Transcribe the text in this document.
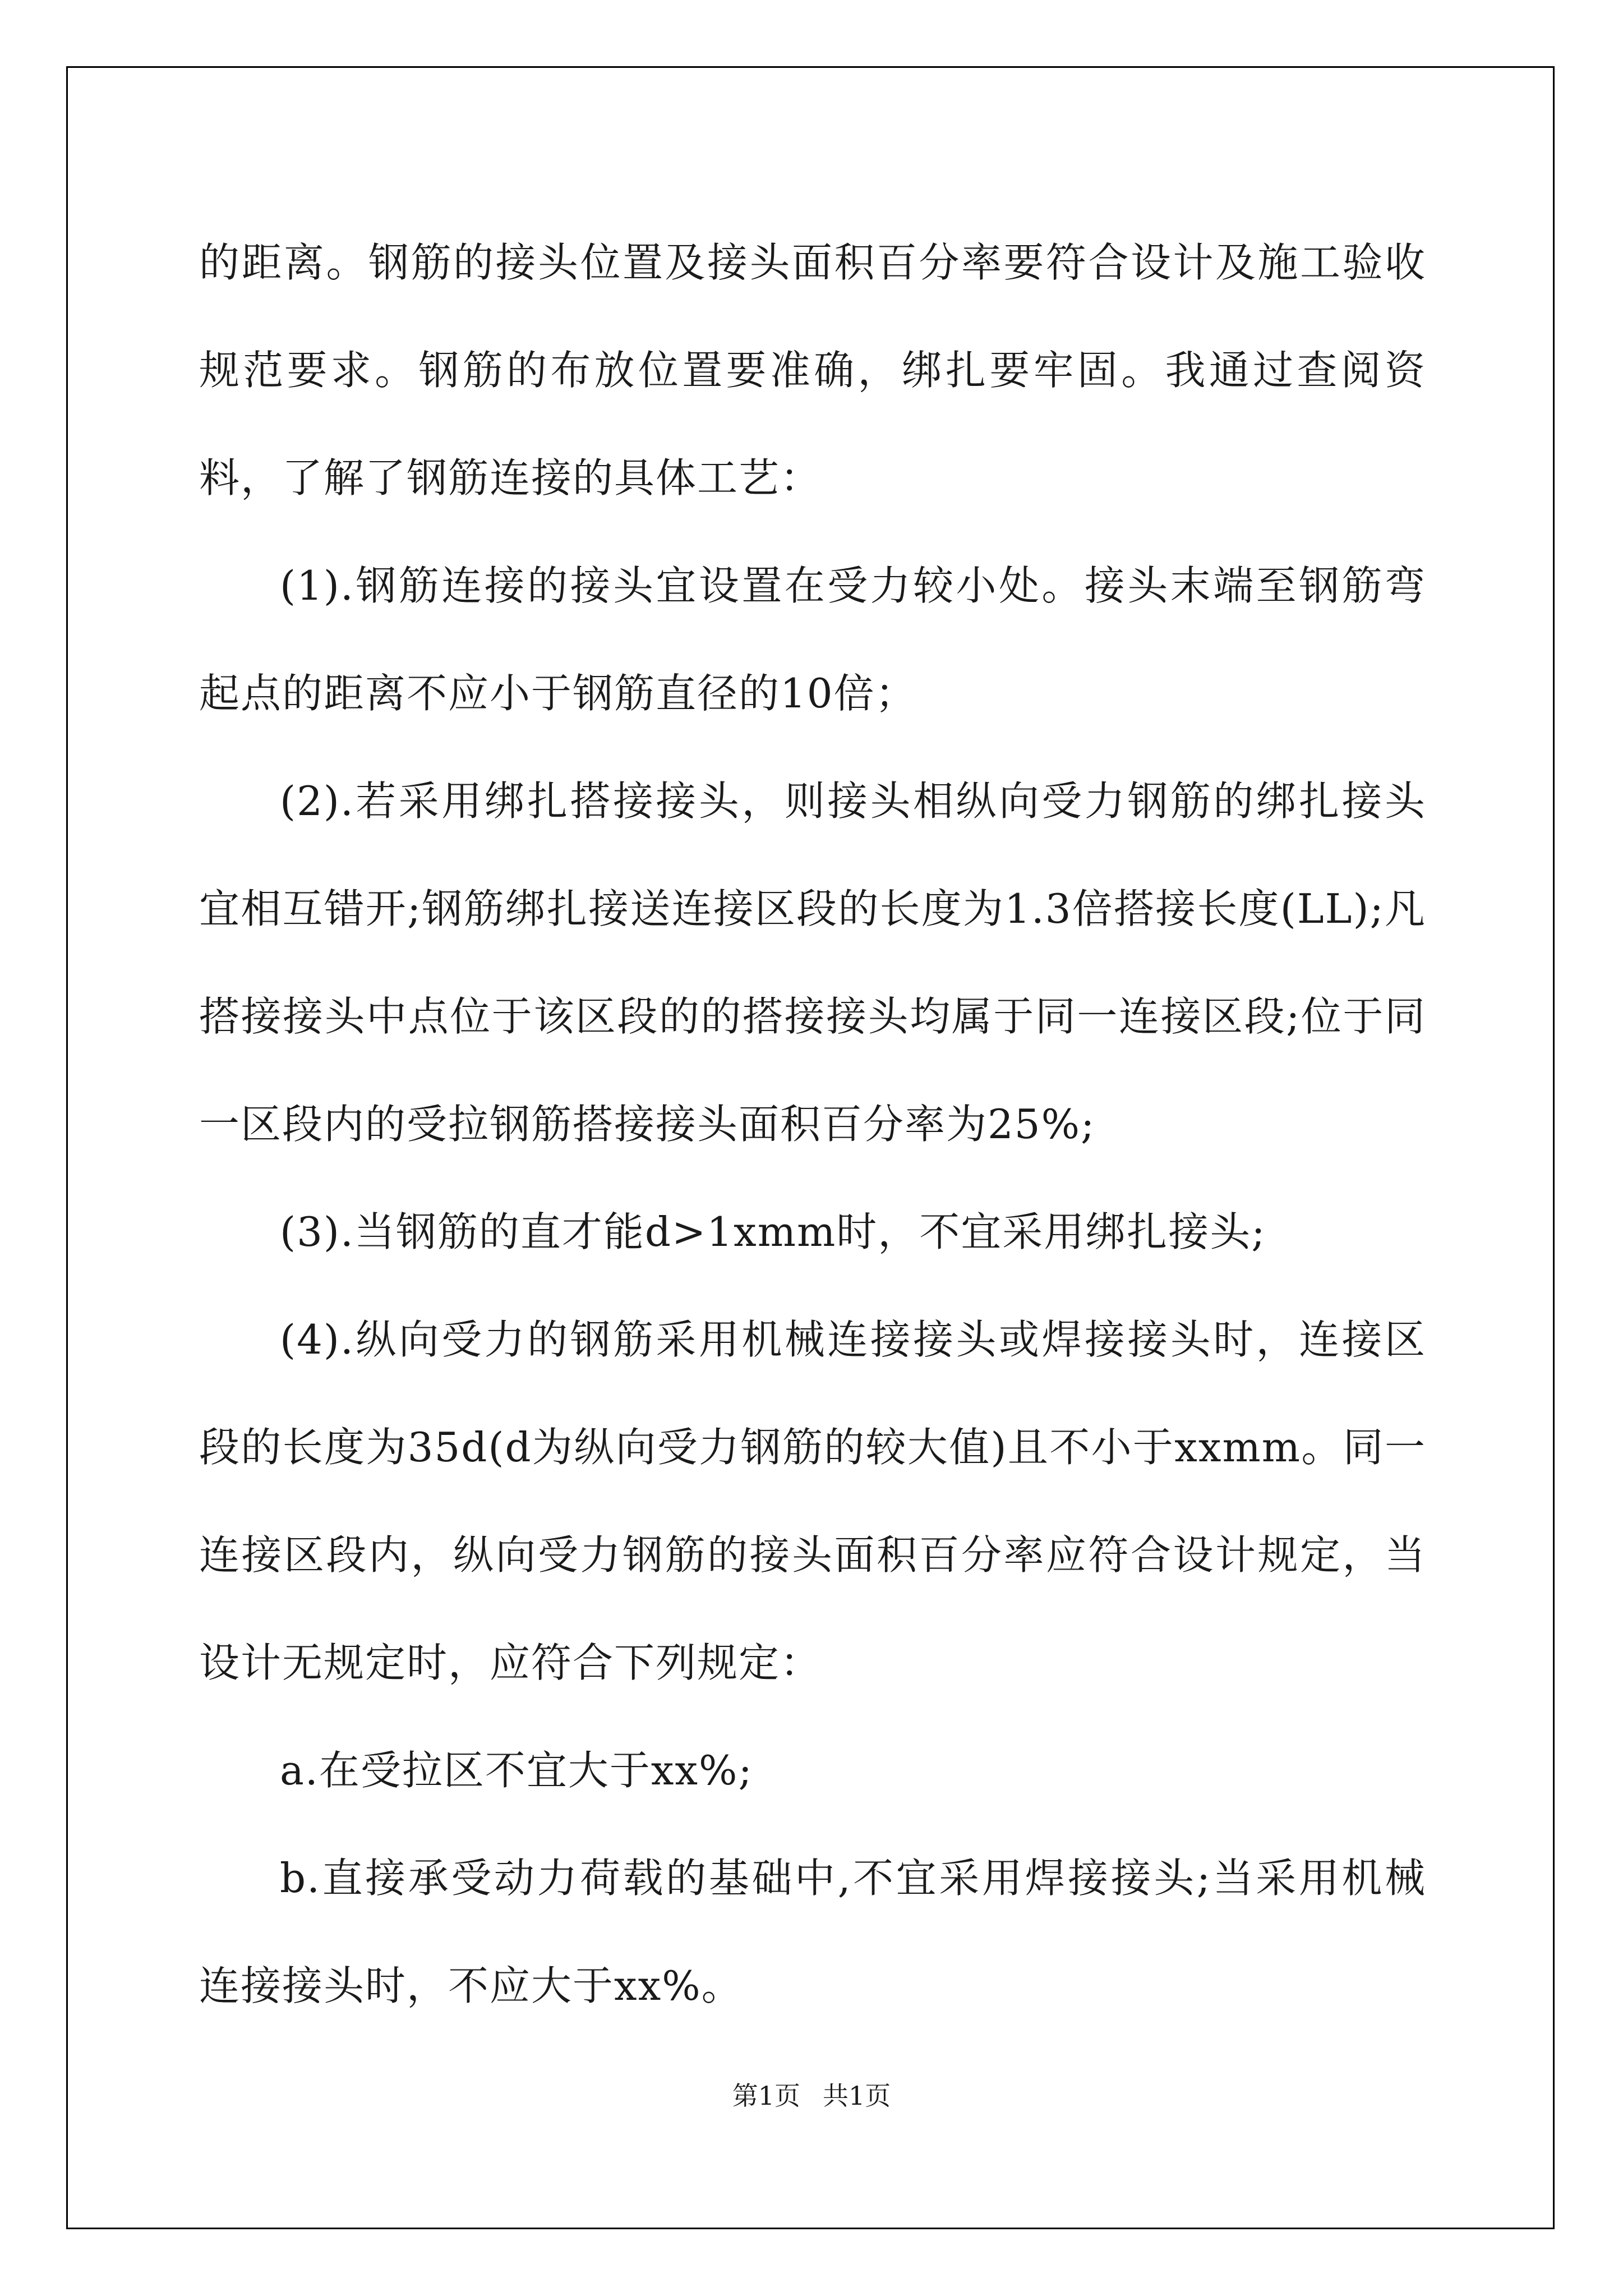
的距离。钢筋的接头位置及接头面积百分率要符合设计及施工验收规范要求。钢筋的布放位置要准确，绑扎要牢固。我通过查阅资料，了解了钢筋连接的具体工艺：

(1).钢筋连接的接头宜设置在受力较小处。接头末端至钢筋弯起点的距离不应小于钢筋直径的10倍；

(2).若采用绑扎搭接接头，则接头相纵向受力钢筋的绑扎接头宜相互错开;钢筋绑扎接送连接区段的长度为1.3倍搭接长度(LL);凡搭接接头中点位于该区段的的搭接接头均属于同一连接区段;位于同一区段内的受拉钢筋搭接接头面积百分率为25%;

(3).当钢筋的直才能d>1xmm时，不宜采用绑扎接头;

(4).纵向受力的钢筋采用机械连接接头或焊接接头时，连接区段的长度为35d(d为纵向受力钢筋的较大值)且不小于xxmm。同一连接区段内，纵向受力钢筋的接头面积百分率应符合设计规定，当设计无规定时，应符合下列规定：

a.在受拉区不宜大于xx%;

b.直接承受动力荷载的基础中,不宜采用焊接接头;当采用机械连接接头时，不应大于xx%。

第1页 共1页
